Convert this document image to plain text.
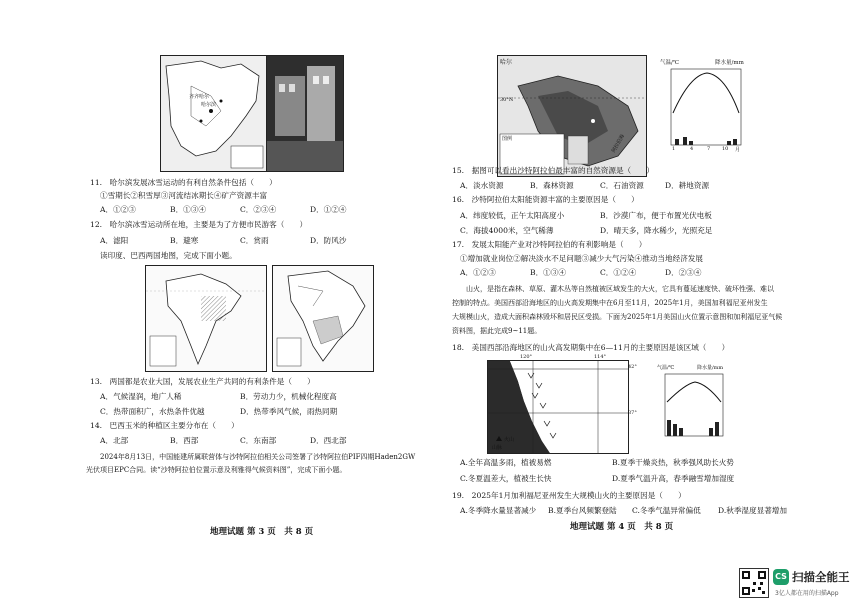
哈尔滨
齐齐哈尔
11.　哈尔滨发展冰雪运动的有利自然条件包括（　　）
①雪期长②积雪厚③河流结冰期长④矿产资源丰富
A．①②③	B．①③④	C．②③④	D．①②④
12.　哈尔滨冰雪运动所在地，主要是为了方便市民游客（　　）
A．滤阳	B．避寒	C．赏雨	D．防风沙
读印度、巴西两国地图，完成下面小题。
13.　两国都是农业大国，发展农业生产共同的有利条件是（　　）
A．气候湿润，地广人稀	B．劳动力少，机械化程度高
C．热带面积广，水热条件优越	D．热带季风气候，雨热同期
14.　巴西玉米的种植区主要分布在（　　）
A．北部	B．西部	C．东南部	D．西北部
　　2024年8月13日，中国能建所属联营体与沙特阿拉伯相关公司签署了沙特阿拉伯PIF四期Haden2GW
光伏项目EPC合同。读“沙特阿拉伯位置示意及利雅得气候资料图”，完成下面小题。
地理试题 第 3 页　共 8 页
哈尔
30°N
图例	阿拉伯海
气温/℃	降水量/mm
1	4	7 10 月
15.　据图可以看出沙特阿拉伯最丰富的自然资源是（　　）
A．淡水资源	B．森林资源	C．石油资源	D．耕地资源
16.　沙特阿拉伯太阳能资源丰富的主要原因是（　　）
A．纬度较低，正午太阳高度小	B．沙漠广布，便于布置光伏电板
C．海拔4000米，空气稀薄	D．晴天多，降水稀少，光照充足
17.　发展太阳能产业对沙特阿拉伯的有利影响是（　　）
①增加就业岗位②解决淡水不足问题③减少大气污染④推动当地经济发展
A．①②③	B．①③④	C．①②④	D．②③④
　　山火，是指在森林、草原、灌木丛等自然植被区域发生的大火，它具有蔓延速度快、破坏性强、难以
控制的特点。美国西部沿海地区的山火高发期集中在6月至11月，2025年1月，美国加利福尼亚州发生
大规模山火，造成大面积森林毁坏和居民区受损。下面为2025年1月美国山火位置示意图和加利福尼亚气候
资料图，据此完成9~11题。
18.　美国西部沿海地区的山火高发期集中在6—11月的主要原因是该区域（　　）
120°	114°
42°
37°
火山
山脉
气温/℃	降水量/mm
A.全年高温多雨，植被易燃	B.夏季干燥炎热，秋季强风助长火势
C.冬夏温差大，植被生长快	D.夏季气温升高，春季融雪增加湿度
19.　2025年1月加利福尼亚州发生大规模山火的主要原因是（　　）
A.冬季降水量显著减少 B.夏季台风频繁登陆 C.冬季气温异常偏低 D.秋季湿度显著增加
地理试题 第 4 页　共 8 页
CS 扫描全能王
3亿人都在用的扫描App
